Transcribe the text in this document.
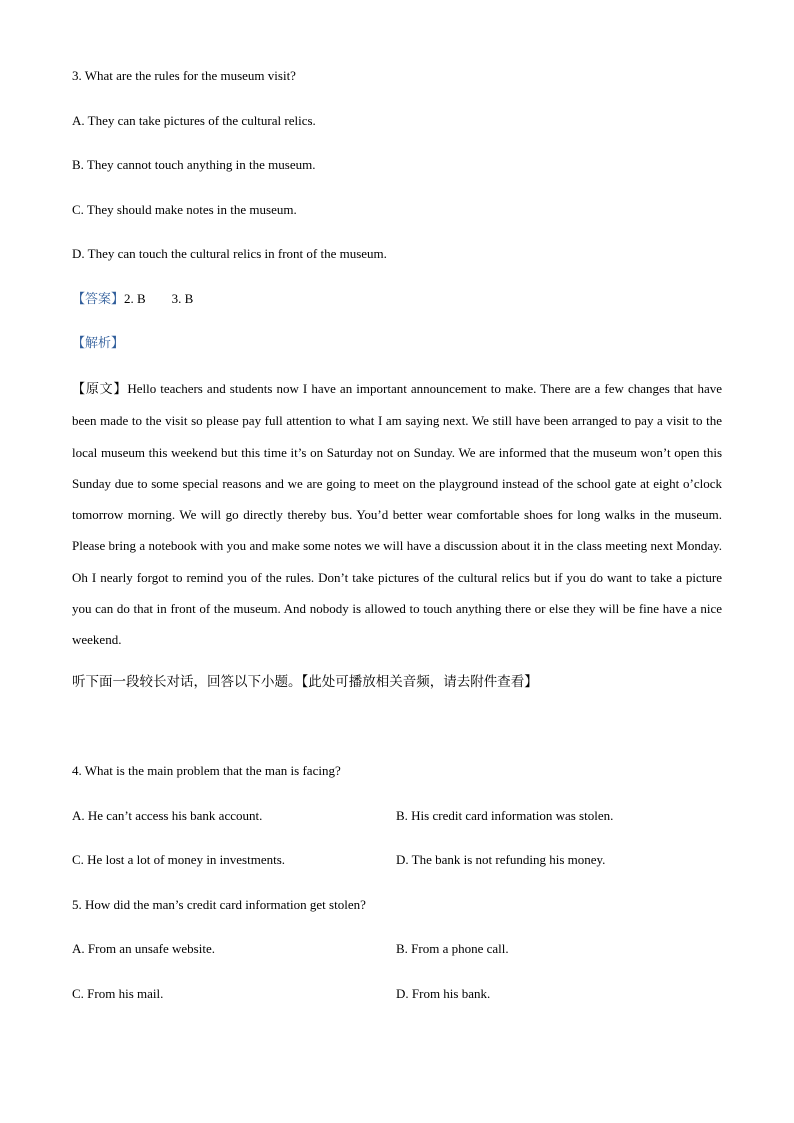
3. What are the rules for the museum visit?
A. They can take pictures of the cultural relics.
B. They cannot touch anything in the museum.
C. They should make notes in the museum.
D. They can touch the cultural relics in front of the museum.
【答案】2. B        3. B
【解析】
【原文】Hello teachers and students now I have an important announcement to make. There are a few changes that have been made to the visit so please pay full attention to what I am saying next. We still have been arranged to pay a visit to the local museum this weekend but this time it’s on Saturday not on Sunday. We are informed that the museum won’t open this Sunday due to some special reasons and we are going to meet on the playground instead of the school gate at eight o’clock tomorrow morning. We will go directly thereby bus. You’d better wear comfortable shoes for long walks in the museum. Please bring a notebook with you and make some notes we will have a discussion about it in the class meeting next Monday. Oh I nearly forgot to remind you of the rules. Don’t take pictures of the cultural relics but if you do want to take a picture you can do that in front of the museum. And nobody is allowed to touch anything there or else they will be fine have a nice weekend.
听下面一段较长对话，回答以下小题。【此处可播放相关音频，请去附件查看】
4. What is the main problem that the man is facing?
A. He can’t access his bank account.	B. His credit card information was stolen.
C. He lost a lot of money in investments.	D. The bank is not refunding his money.
5. How did the man’s credit card information get stolen?
A. From an unsafe website.	B. From a phone call.
C. From his mail.	D. From his bank.
